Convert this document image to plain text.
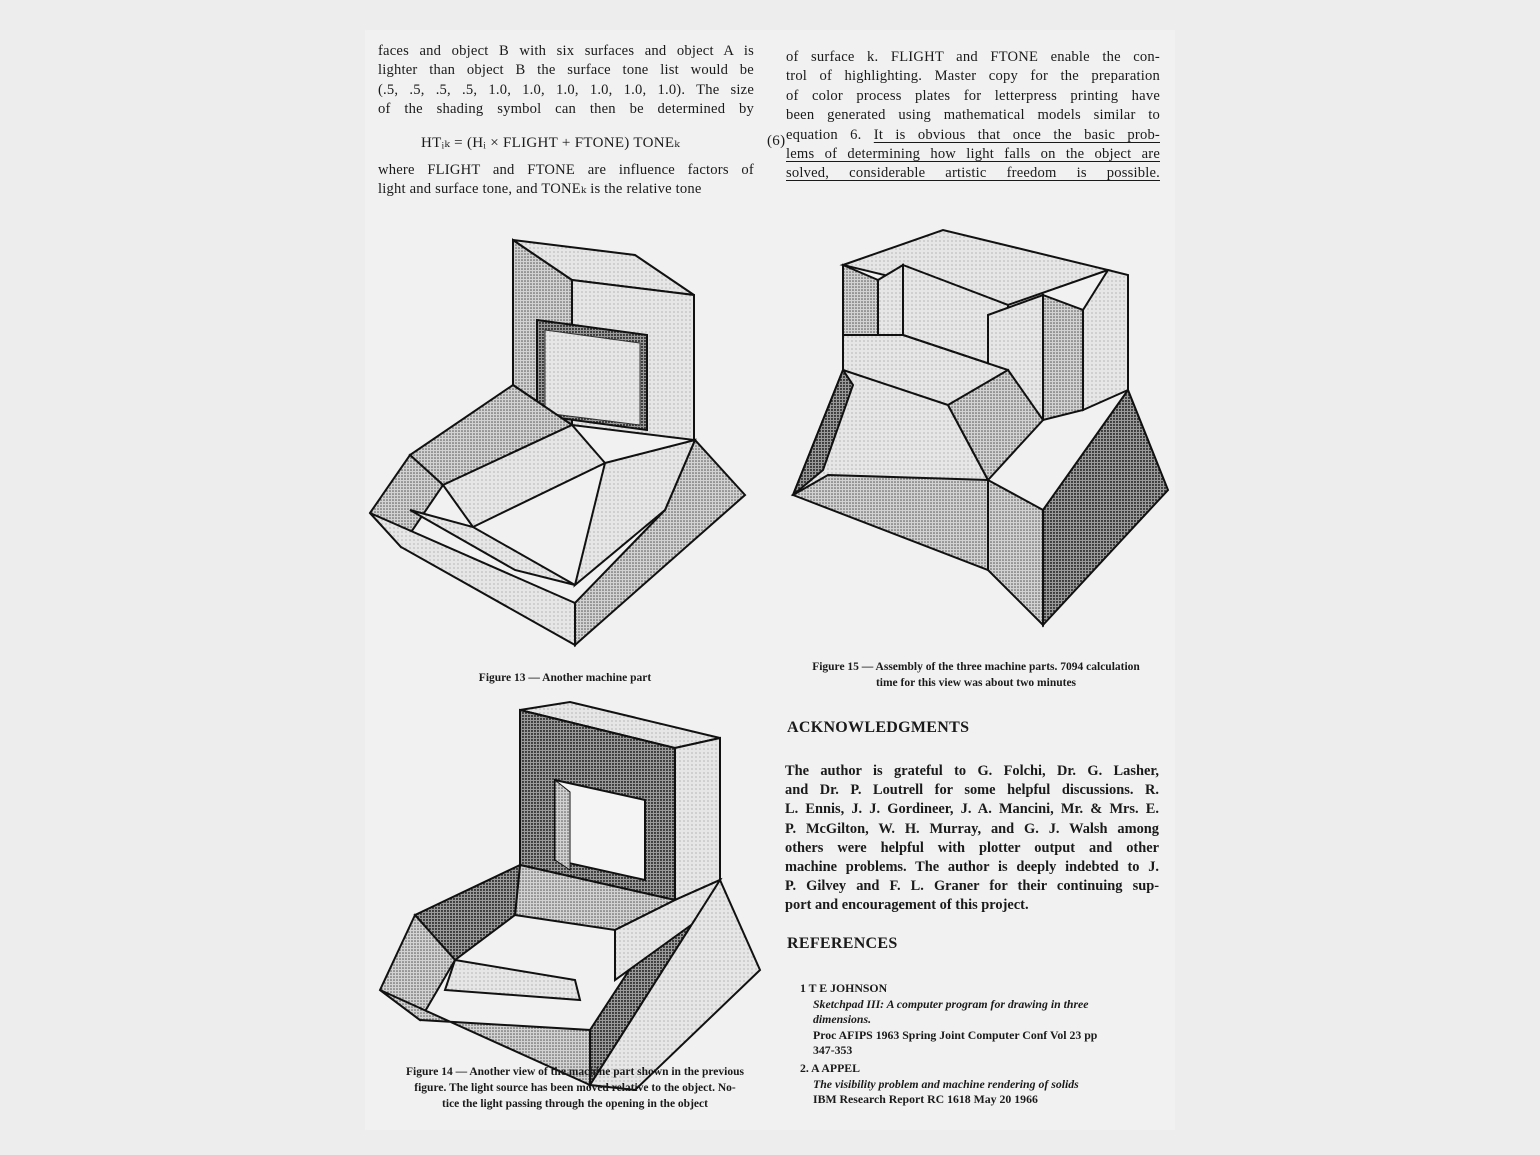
faces and object B with six surfaces and object A is
lighter than object B the surface tone list would be
(.5, .5, .5, .5, 1.0, 1.0, 1.0, 1.0, 1.0, 1.0). The size
of the shading symbol can then be determined by
HTᵢₖ = (Hᵢ × FLIGHT + FTONE) TONEₖ	(6)
where FLIGHT and FTONE are influence factors of
light and surface tone, and TONEₖ is the relative tone
of surface k. FLIGHT and FTONE enable the con-
trol of highlighting. Master copy for the preparation
of color process plates for letterpress printing have
been generated using mathematical models similar to
equation 6. It is obvious that once the basic prob-
lems of determining how light falls on the object are
solved, considerable artistic freedom is possible.
Figure 13 — Another machine part
Figure 15 — Assembly of the three machine parts. 7094 calculation
time for this view was about two minutes
Figure 14 — Another view of the machine part shown in the previous
figure. The light source has been moved relative to the object. No-
tice the light passing through the opening in the object
ACKNOWLEDGMENTS
The author is grateful to G. Folchi, Dr. G. Lasher,
and Dr. P. Loutrell for some helpful discussions. R.
L. Ennis, J. J. Gordineer, J. A. Mancini, Mr. & Mrs. E.
P. McGilton, W. H. Murray, and G. J. Walsh among
others were helpful with plotter output and other
machine problems. The author is deeply indebted to J.
P. Gilvey and F. L. Graner for their continuing sup-
port and encouragement of this project.
REFERENCES
1 T E JOHNSON
Sketchpad III: A computer program for drawing in three
dimensions.
Proc AFIPS 1963 Spring Joint Computer Conf Vol 23 pp
347-353
2. A APPEL
The visibility problem and machine rendering of solids
IBM Research Report RC 1618 May 20 1966
